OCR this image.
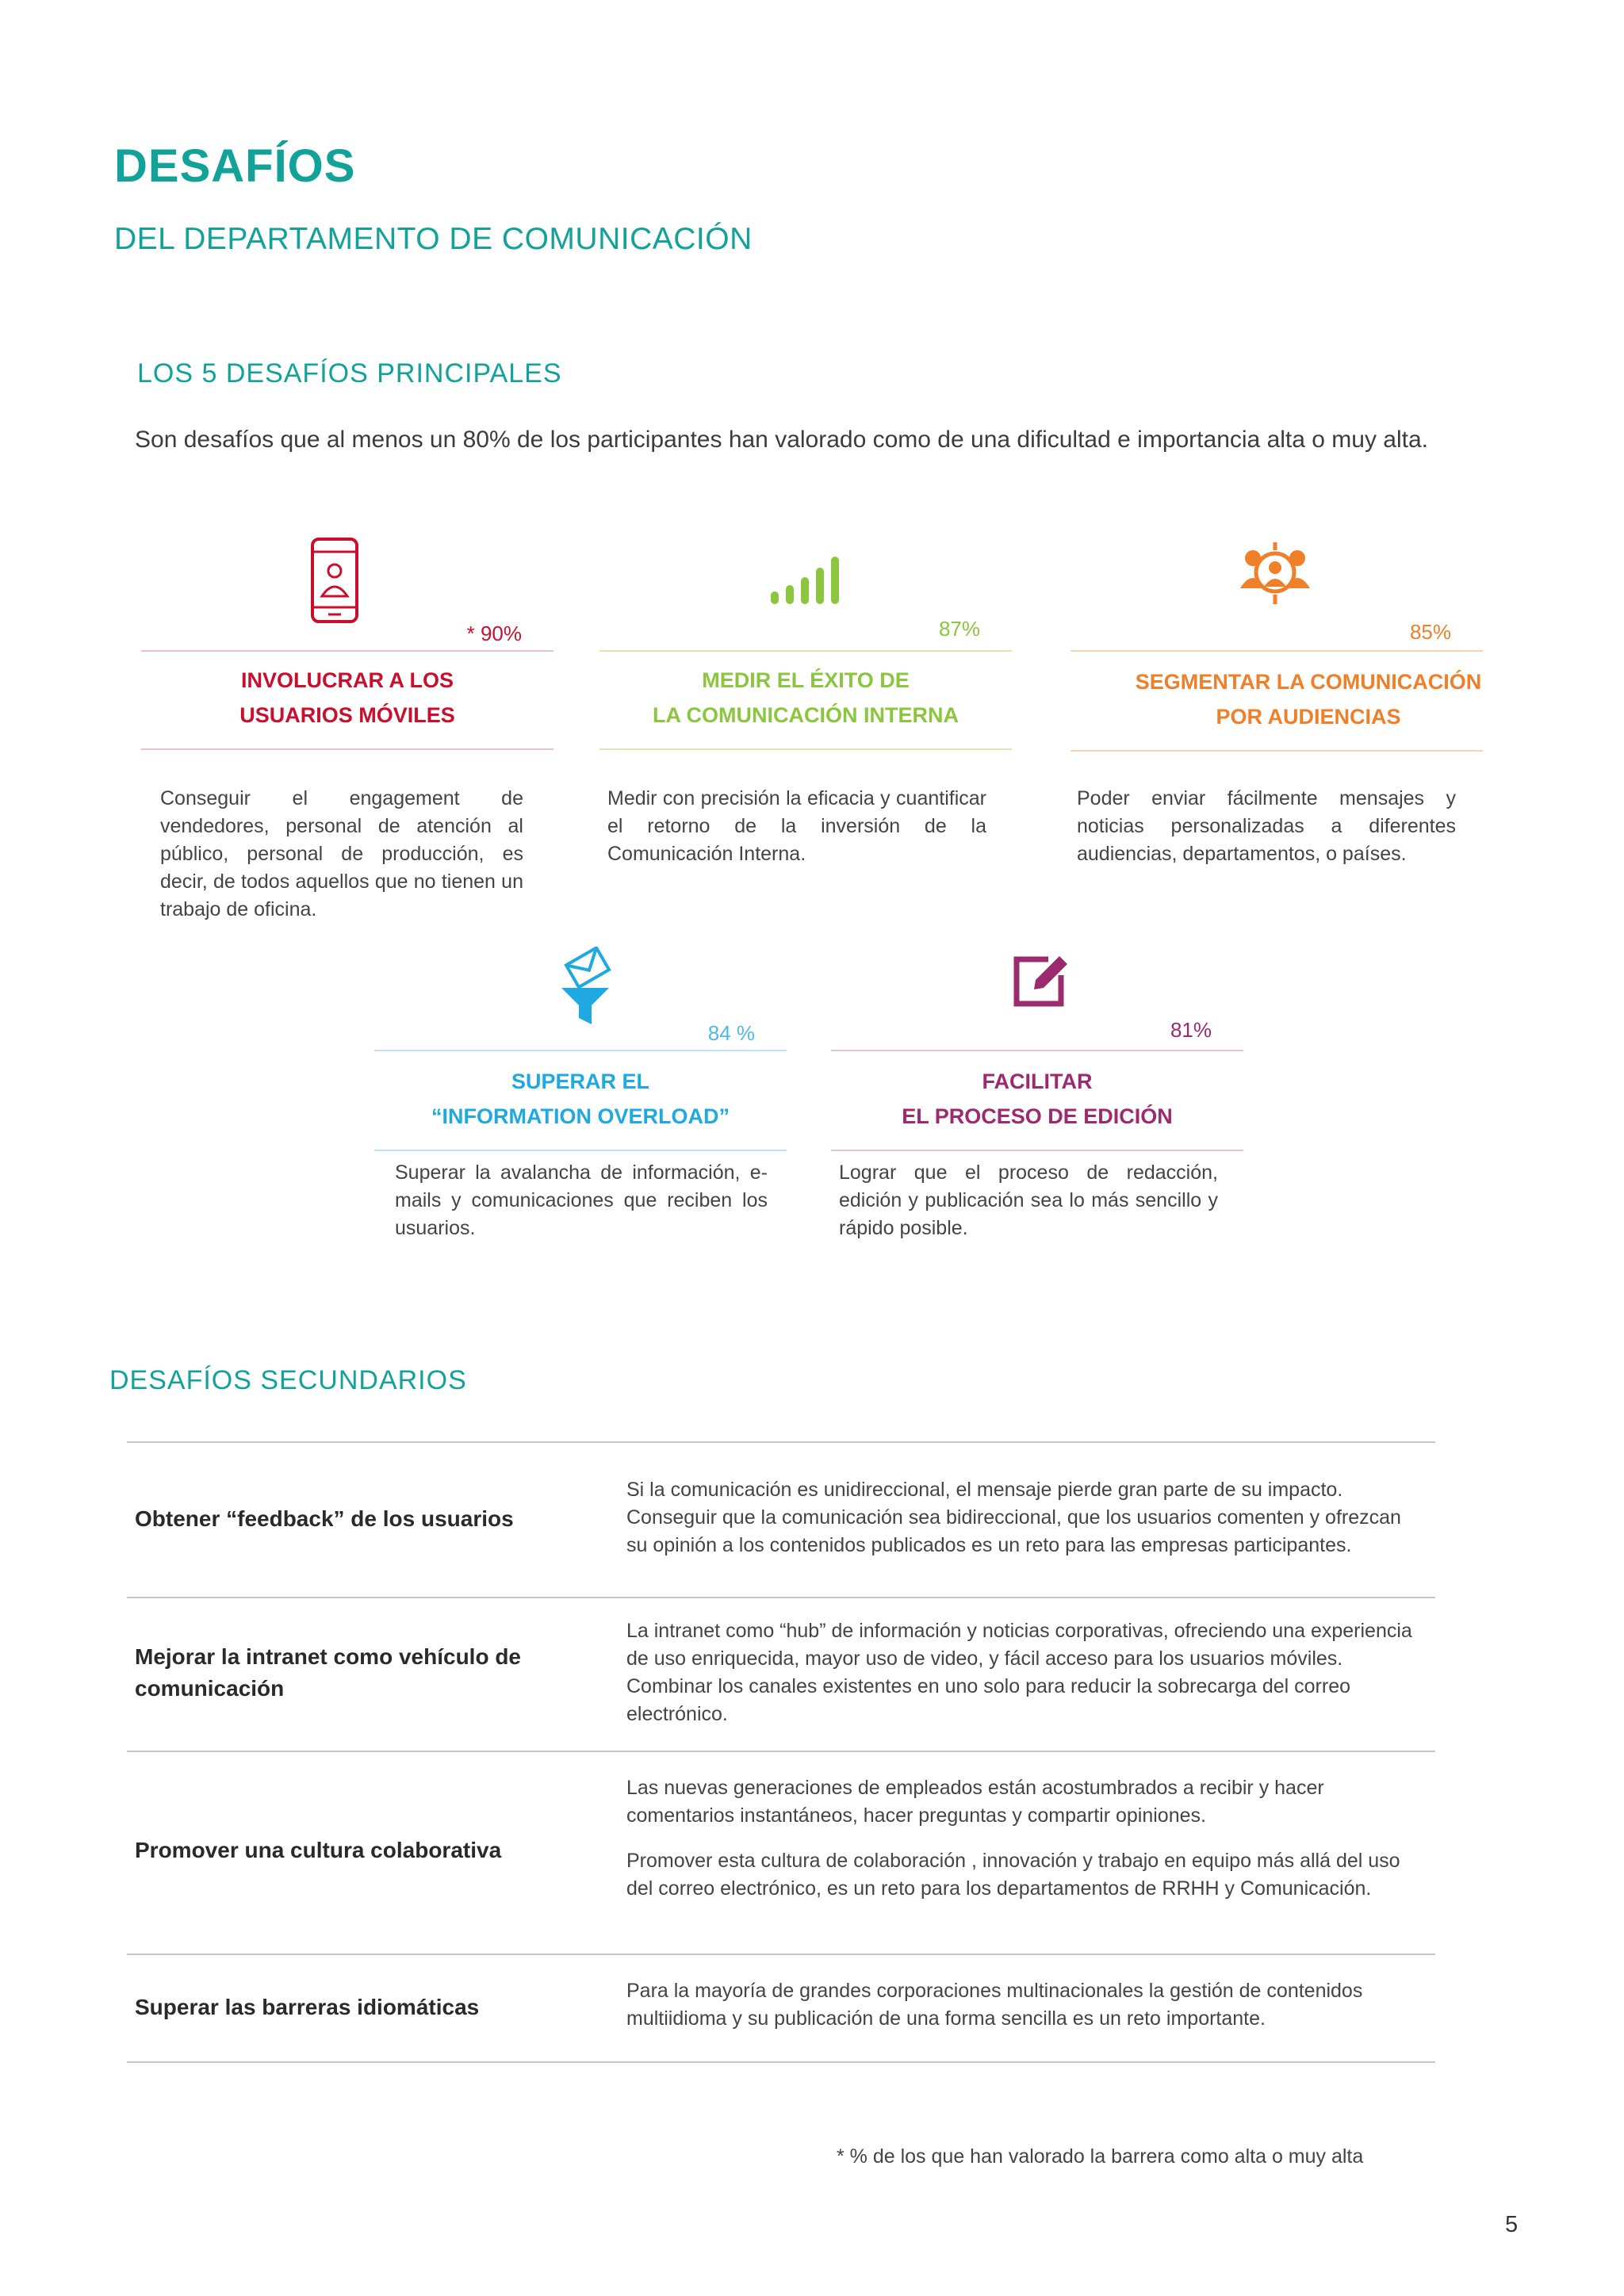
DESAFÍOS
DEL DEPARTAMENTO DE COMUNICACIÓN
LOS 5 DESAFÍOS PRINCIPALES
Son desafíos que al menos un 80% de los participantes han valorado como de una dificultad e importancia alta o muy alta.
* 90%
INVOLUCRAR A LOS
USUARIOS MÓVILES
Conseguir el engagement de vendedores, personal de atención al público, personal de producción, es decir, de todos aquellos que no tienen un trabajo de oficina.
87%
MEDIR EL ÉXITO DE
LA COMUNICACIÓN INTERNA
Medir con precisión la eficacia y cuantificar el retorno de la inversión de la Comunicación Interna.
85%
SEGMENTAR LA COMUNICACIÓN
POR AUDIENCIAS
Poder enviar fácilmente mensajes y noticias personalizadas a diferentes audiencias, departamentos, o países.
84 %
SUPERAR EL
“INFORMATION OVERLOAD”
Superar la avalancha de información, e-mails y comunicaciones que reciben los usuarios.
81%
FACILITAR
EL PROCESO DE EDICIÓN
Lograr que el proceso de redacción, edición y publicación sea lo más sencillo y rápido posible.
DESAFÍOS SECUNDARIOS
Obtener “feedback” de los usuarios
Si la comunicación es unidireccional, el mensaje pierde gran parte de su impacto. Conseguir que la comunicación sea bidireccional, que los usuarios comenten y ofrezcan su opinión a los contenidos publicados es un reto para las empresas participantes.
Mejorar la intranet como vehículo de comunicación
La intranet como “hub” de información y noticias corporativas, ofreciendo una experiencia de uso enriquecida, mayor uso de video, y fácil acceso para los usuarios móviles. Combinar los canales existentes en uno solo para reducir la sobrecarga del correo electrónico.
Promover una cultura colaborativa
Las nuevas generaciones de empleados están acostumbrados a recibir y hacer comentarios instantáneos, hacer preguntas y compartir opiniones.
Promover esta cultura de colaboración , innovación y trabajo en equipo más allá del uso del correo electrónico, es un reto para los departamentos de RRHH y Comunicación.
Superar las barreras idiomáticas
Para la mayoría de grandes corporaciones multinacionales la gestión de contenidos multiidioma y su publicación de una forma sencilla es un reto importante.
* % de los que han valorado la barrera como alta o muy alta
5
